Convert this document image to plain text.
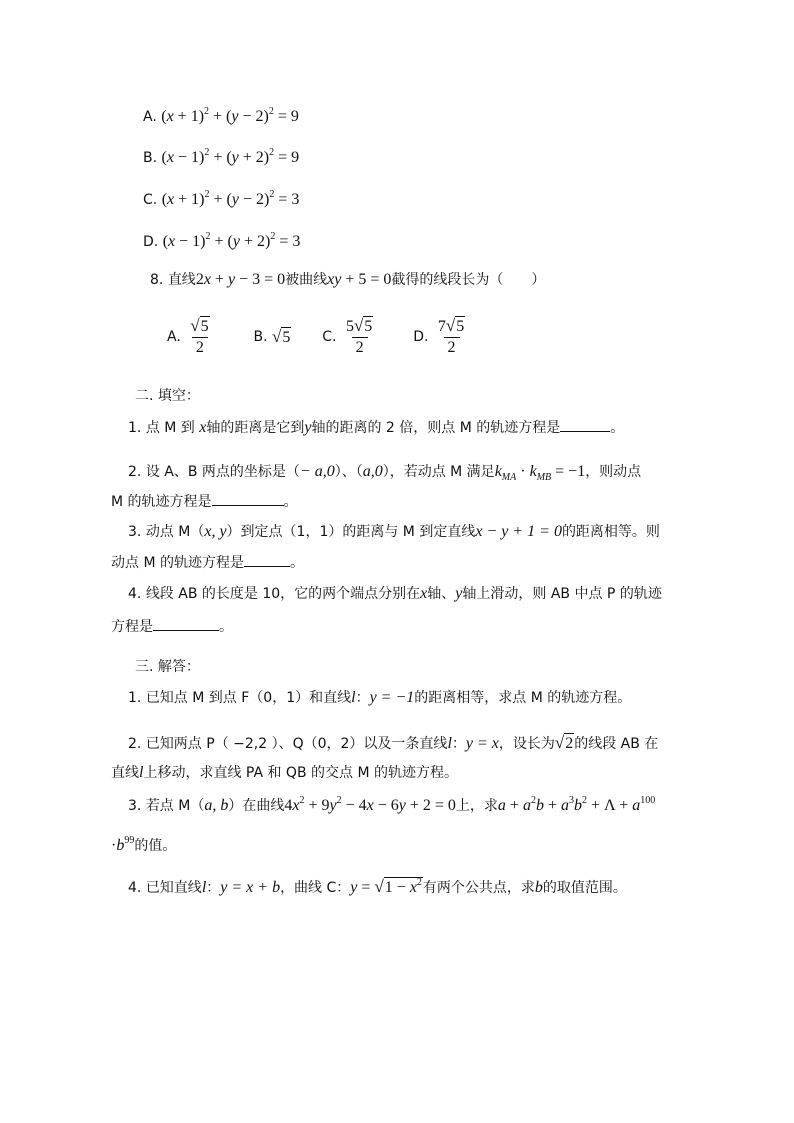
A. $(x + 1)^2 + (y - 2)^2 = 9$
B. $(x - 1)^2 + (y + 2)^2 = 9$
C. $(x + 1)^2 + (y - 2)^2 = 3$
D. $(x - 1)^2 + (y + 2)^2 = 3$
8. 直线2x + y − 3 = 0被曲线xy + 5 = 0截得的线段长为（　　）
A. $\frac{√ 5}{2}$	B. √ 5 C. $\frac{5 √ 5}{2}$	D. $\frac{7 √ 5}{2}$
二. 填空：
1. 点 M 到 x轴的距离是它到y轴的距离的 2 倍，则点 M 的轨迹方程是	。
2. 设 A、B 两点的坐标是（− a,0）、（a,0），若动点 M 满足$k_{MA} \cdot k_{MB} = -1$，则动点
M 的轨迹方程是	。
3. 动点 M（x, y）到定点（1，1）的距离与 M 到定直线x − y + 1 = 0的距离相等。则
动点 M 的轨迹方程是	。
4. 线段 AB 的长度是 10，它的两个端点分别在x轴、y轴上滑动，则 AB 中点 P 的轨迹
方程是	。
三. 解答：
1. 已知点 M 到点 F（0，1）和直线l：y = −1的距离相等，求点 M 的轨迹方程。
2. 已知两点 P（ −2,2 ）、Q（0，2）以及一条直线l：y = x，设长为 √ 2 的线段 AB 在
直线l上移动，求直线 PA 和 QB 的交点 M 的轨迹方程。
3. 若点 M（a, b）在曲线$4x^2 + 9y^2 - 4x - 6y + 2 = 0$上，求$a + a^2b + a^3b^2 + \Lambda + a^{100}$
$\cdot b^{99}$的值。
4. 已知直线l：y = x + b，曲线 C：y = √ $1 - x^2$ 有两个公共点，求b的取值范围。
